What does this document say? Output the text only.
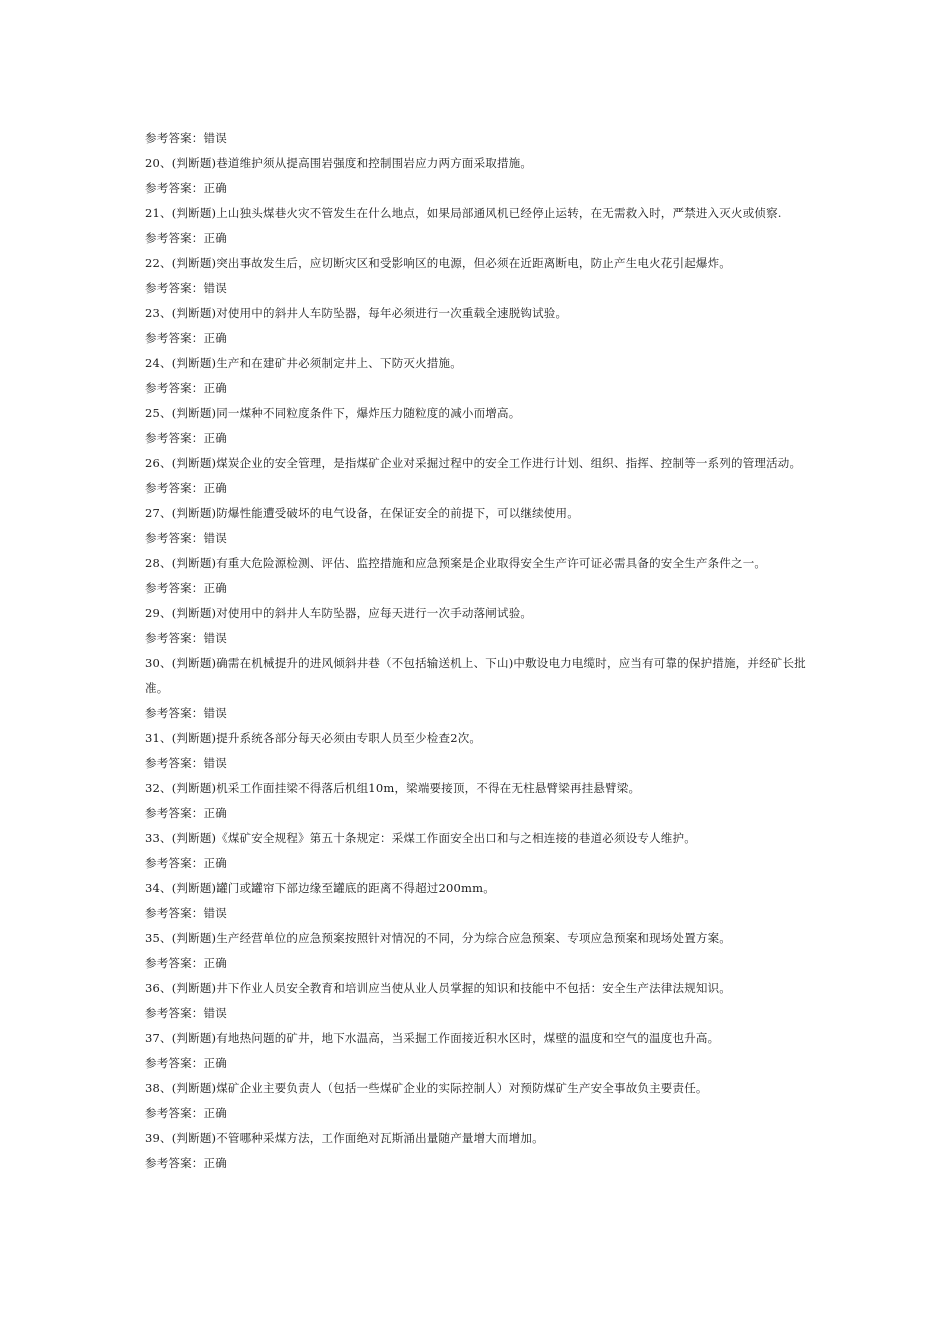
参考答案：错误
20、(判断题)巷道维护须从提高围岩强度和控制围岩应力两方面采取措施。
参考答案：正确
21、(判断题)上山独头煤巷火灾不管发生在什么地点，如果局部通风机已经停止运转，在无需救入时，严禁进入灭火或侦察.
参考答案：正确
22、(判断题)突出事故发生后，应切断灾区和受影响区的电源，但必须在近距离断电，防止产生电火花引起爆炸。
参考答案：错误
23、(判断题)对使用中的斜井人车防坠器，每年必须进行一次重载全速脱钩试验。
参考答案：正确
24、(判断题)生产和在建矿井必须制定井上、下防灭火措施。
参考答案：正确
25、(判断题)同一煤种不同粒度条件下，爆炸压力随粒度的减小而增高。
参考答案：正确
26、(判断题)煤炭企业的安全管理，是指煤矿企业对采掘过程中的安全工作进行计划、组织、指挥、控制等一系列的管理活动。
参考答案：正确
27、(判断题)防爆性能遭受破坏的电气设备，在保证安全的前提下，可以继续使用。
参考答案：错误
28、(判断题)有重大危险源检测、评估、监控措施和应急预案是企业取得安全生产许可证必需具备的安全生产条件之一。
参考答案：正确
29、(判断题)对使用中的斜井人车防坠器，应每天进行一次手动落闸试验。
参考答案：错误
30、(判断题)确需在机械提升的进风倾斜井巷（不包括输送机上、下山)中敷设电力电缆时，应当有可靠的保护措施，并经矿长批准。
参考答案：错误
31、(判断题)提升系统各部分每天必须由专职人员至少检查2次。
参考答案：错误
32、(判断题)机采工作面挂梁不得落后机组10m，梁端要接顶，不得在无柱悬臂梁再挂悬臂梁。
参考答案：正确
33、(判断题)《煤矿安全规程》第五十条规定：采煤工作面安全出口和与之相连接的巷道必须设专人维护。
参考答案：正确
34、(判断题)罐门或罐帘下部边缘至罐底的距离不得超过200mm。
参考答案：错误
35、(判断题)生产经营单位的应急预案按照针对情况的不同，分为综合应急预案、专项应急预案和现场处置方案。
参考答案：正确
36、(判断题)井下作业人员安全教育和培训应当使从业人员掌握的知识和技能中不包括：安全生产法律法规知识。
参考答案：错误
37、(判断题)有地热问题的矿井，地下水温高，当采掘工作面接近积水区时，煤壁的温度和空气的温度也升高。
参考答案：正确
38、(判断题)煤矿企业主要负责人（包括一些煤矿企业的实际控制人）对预防煤矿生产安全事故负主要责任。
参考答案：正确
39、(判断题)不管哪种采煤方法，工作面绝对瓦斯涌出量随产量增大而增加。
参考答案：正确
